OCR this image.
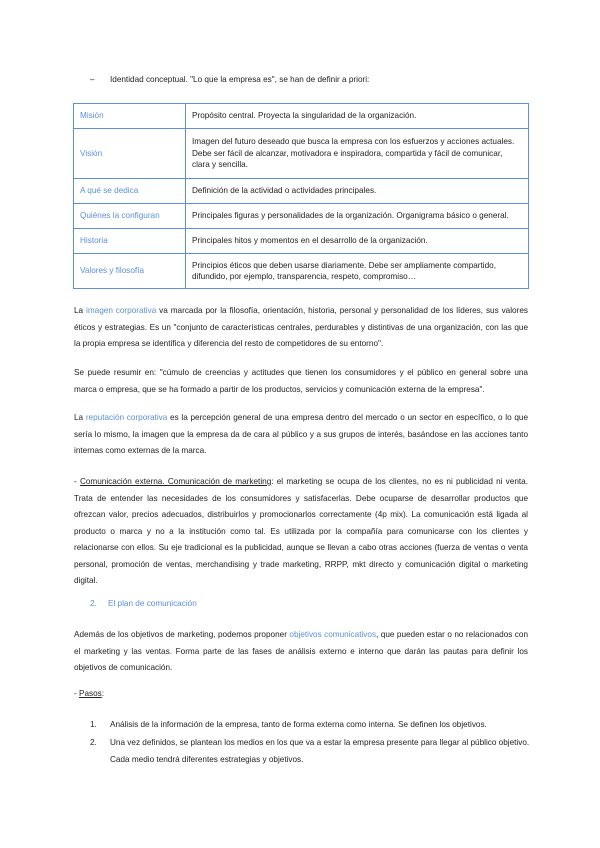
– Identidad conceptual. "Lo que la empresa es", se han de definir a priori:
Misión	Propósito central. Proyecta la singularidad de la organización.
Visión	Imagen del futuro deseado que busca la empresa con los esfuerzos y acciones actuales. Debe ser fácil de alcanzar, motivadora e inspiradora, compartida y fácil de comunicar, clara y sencilla.
A qué se dedica	Definición de la actividad o actividades principales.
Quiénes la configuran	Principales figuras y personalidades de la organización. Organigrama básico o general.
Historia	Principales hitos y momentos en el desarrollo de la organización.
Valores y filosofía	Principios éticos que deben usarse diariamente. Debe ser ampliamente compartido, difundido, por ejemplo, transparencia, respeto, compromiso…
La imagen corporativa va marcada por la filosofía, orientación, historia, personal y personalidad de los líderes, sus valores éticos y estrategias. Es un "conjunto de características centrales, perdurables y distintivas de una organización, con las que la propia empresa se identifica y diferencia del resto de competidores de su entorno".
Se puede resumir en: "cúmulo de creencias y actitudes que tienen los consumidores y el público en general sobre una marca o empresa, que se ha formado a partir de los productos, servicios y comunicación externa de la empresa".
La reputación corporativa es la percepción general de una empresa dentro del mercado o un sector en específico, o lo que sería lo mismo, la imagen que la empresa da de cara al público y a sus grupos de interés, basándose en las acciones tanto internas como externas de la marca.
- Comunicación externa. Comunicación de marketing: el marketing se ocupa de los clientes, no es ni publicidad ni venta. Trata de entender las necesidades de los consumidores y satisfacerlas. Debe ocuparse de desarrollar productos que ofrezcan valor, precios adecuados, distribuirlos y promocionarlos correctamente (4p mix). La comunicación está ligada al producto o marca y no a la institución como tal. Es utilizada por la compañía para comunicarse con los clientes y relacionarse con ellos. Su eje tradicional es la publicidad, aunque se llevan a cabo otras acciones (fuerza de ventas o venta personal, promoción de ventas, merchandising y trade marketing, RRPP, mkt directo y comunicación digital o marketing digital.
2. El plan de comunicación
Además de los objetivos de marketing, podemos proponer objetivos comunicativos, que pueden estar o no relacionados con el marketing y las ventas. Forma parte de las fases de análisis externo e interno que darán las pautas para definir los objetivos de comunicación.
- Pasos:
1. Análisis de la información de la empresa, tanto de forma externa como interna. Se definen los objetivos.
2. Una vez definidos, se plantean los medios en los que va a estar la empresa presente para llegar al público objetivo. Cada medio tendrá diferentes estrategias y objetivos.
